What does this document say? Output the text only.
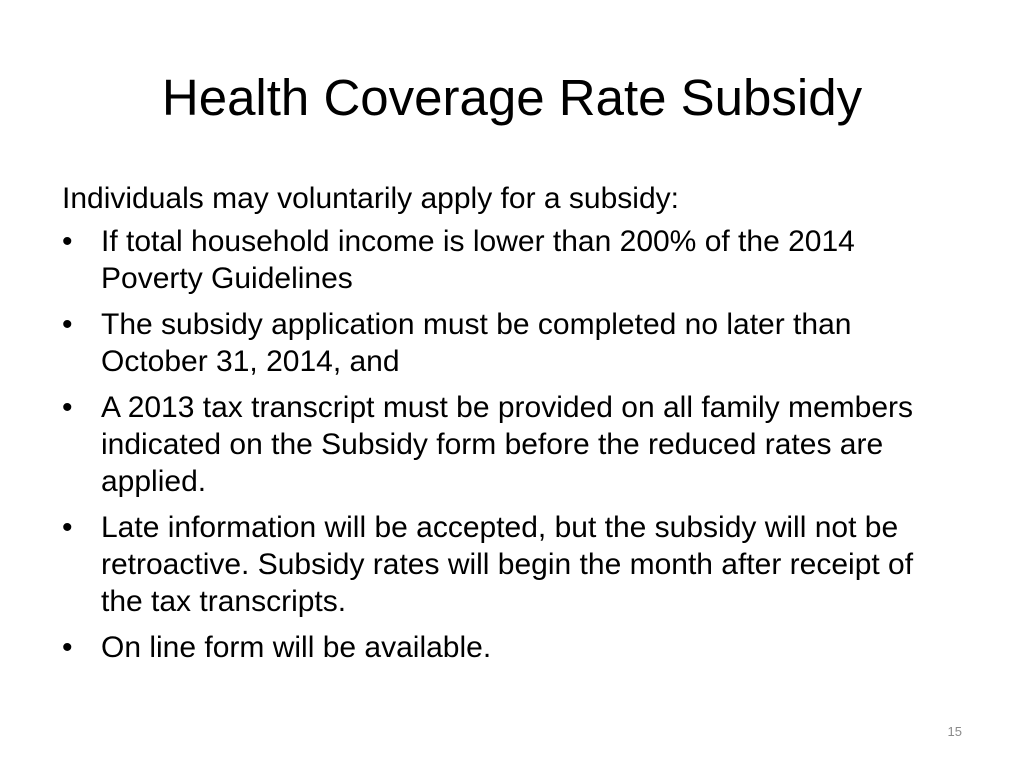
Health Coverage Rate Subsidy

Individuals may voluntarily apply for a subsidy:

• If total household income is lower than 200% of the 2014 Poverty Guidelines
• The subsidy application must be completed no later than October 31, 2014, and
• A 2013 tax transcript must be provided on all family members indicated on the Subsidy form before the reduced rates are applied.
• Late information will be accepted, but the subsidy will not be retroactive. Subsidy rates will begin the month after receipt of the tax transcripts.
• On line form will be available.
15
